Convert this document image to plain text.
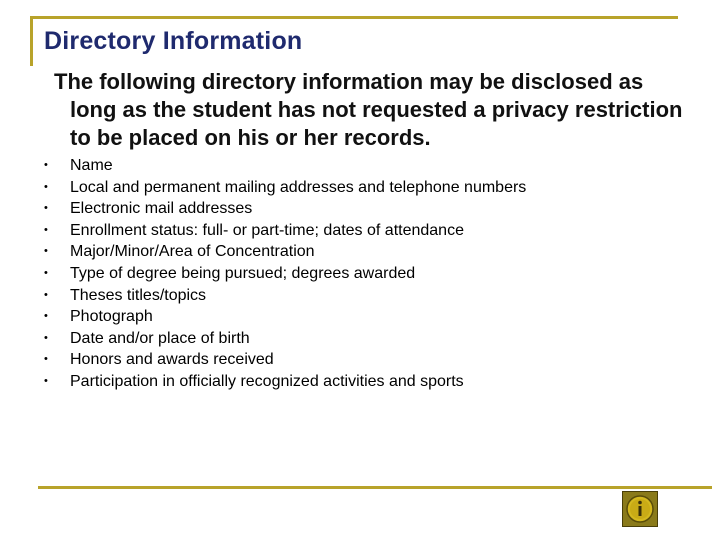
Directory Information
The following directory information may be disclosed as long as the student has not requested a privacy restriction to be placed on his or her records.
• Name
• Local and permanent mailing addresses and telephone numbers
• Electronic mail addresses
• Enrollment status: full- or part-time; dates of attendance
• Major/Minor/Area of Concentration
• Type of degree being pursued; degrees awarded
• Theses titles/topics
• Photograph
• Date and/or place of birth
• Honors and awards received
• Participation in officially recognized activities and sports
